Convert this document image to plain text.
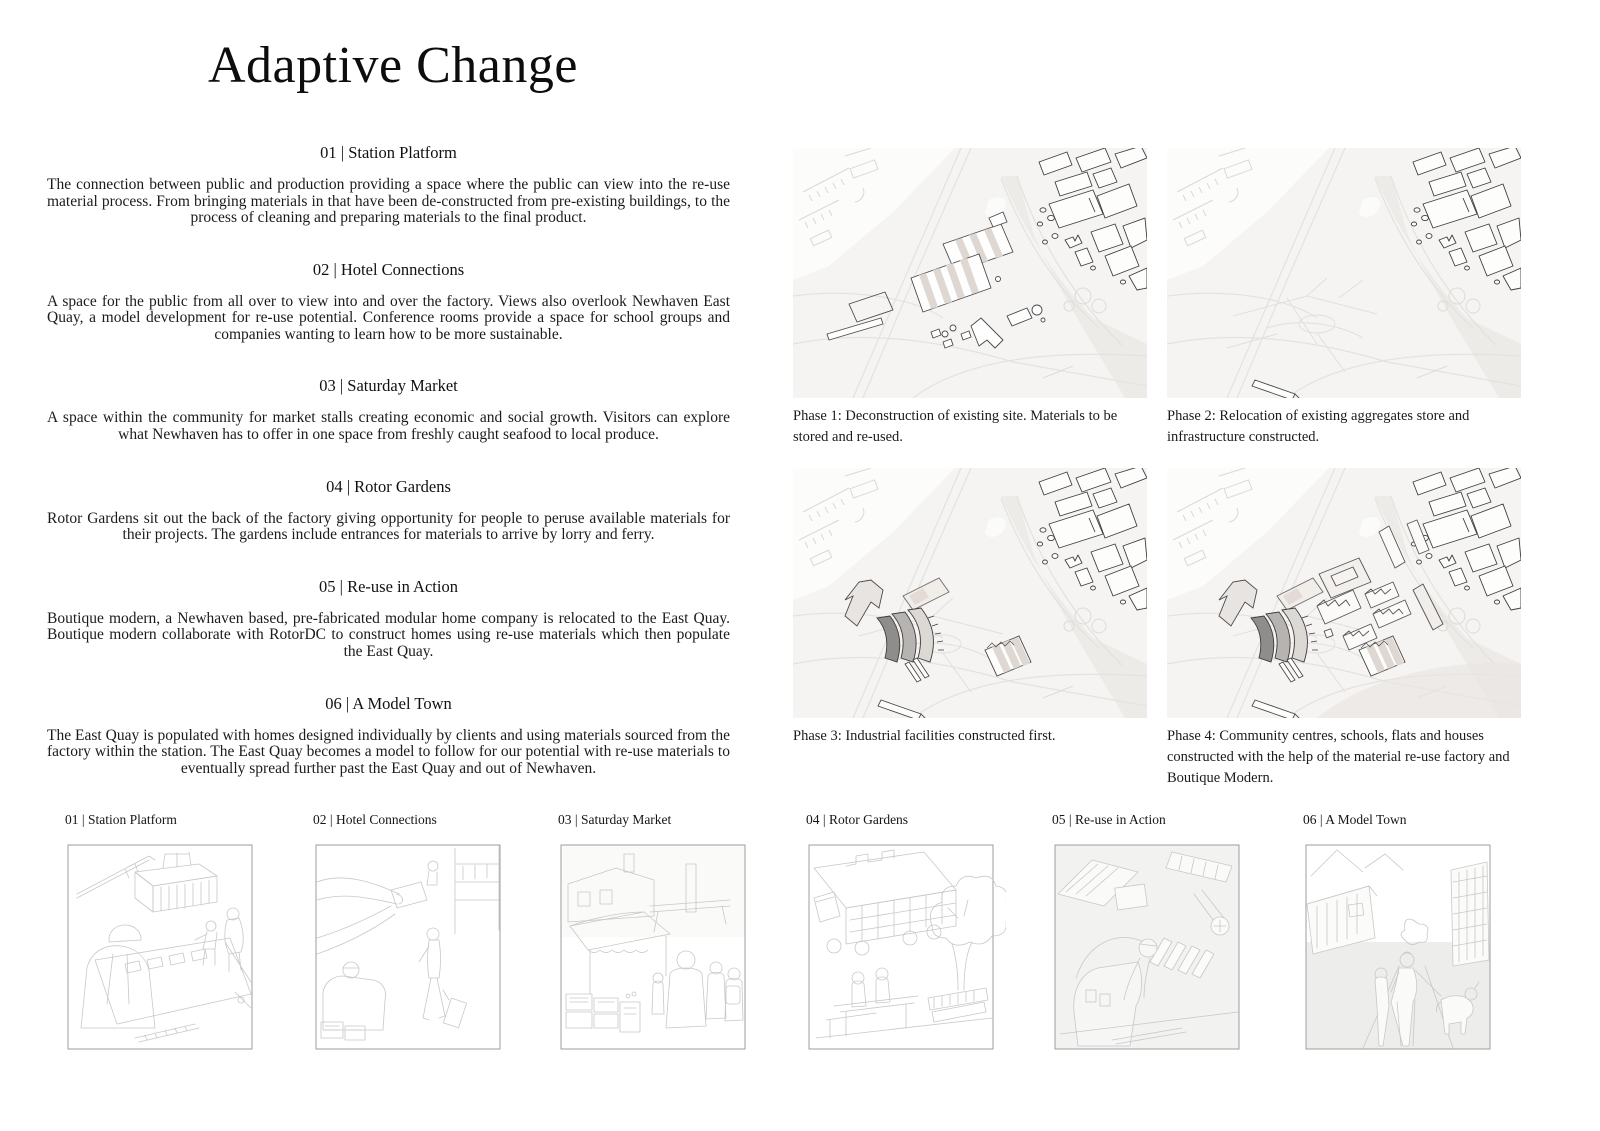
Adaptive Change
01 | Station Platform

The connection between public and production providing a space where the public can view into the re-use material process. From bringing materials in that have been de-constructed from pre-existing buildings, to the process of cleaning and preparing materials to the final product.

02 | Hotel Connections

A space for the public from all over to view into and over the factory. Views also overlook Newhaven East Quay, a model development for re-use potential. Conference rooms provide a space for school groups and companies wanting to learn how to be more sustainable.

03 | Saturday Market

A space within the community for market stalls creating economic and social growth. Visitors can explore what Newhaven has to offer in one space from freshly caught seafood to local produce.

04 | Rotor Gardens

Rotor Gardens sit out the back of the factory giving opportunity for people to peruse available materials for their projects. The gardens include entrances for materials to arrive by lorry and ferry.

05 | Re-use in Action

Boutique modern, a Newhaven based, pre-fabricated modular home company is relocated to the East Quay. Boutique modern collaborate with RotorDC to construct homes using re-use materials which then populate the East Quay.

06 | A Model Town

The East Quay is populated with homes designed individually by clients and using materials sourced from the factory within the station. The East Quay becomes a model to follow for our potential with re-use materials to eventually spread further past the East Quay and out of Newhaven.

Phase 1: Deconstruction of existing site. Materials to be stored and re-used.
Phase 2: Relocation of existing aggregates store and infrastructure constructed.
Phase 3: Industrial facilities constructed first.	Phase 4: Community centres, schools, flats and houses constructed with the help of the material re-use factory and Boutique Modern.
01 | Station Platform	02 | Hotel Connections	03 | Saturday Market	04 | Rotor Gardens	05 | Re-use in Action	06 | A Model Town
